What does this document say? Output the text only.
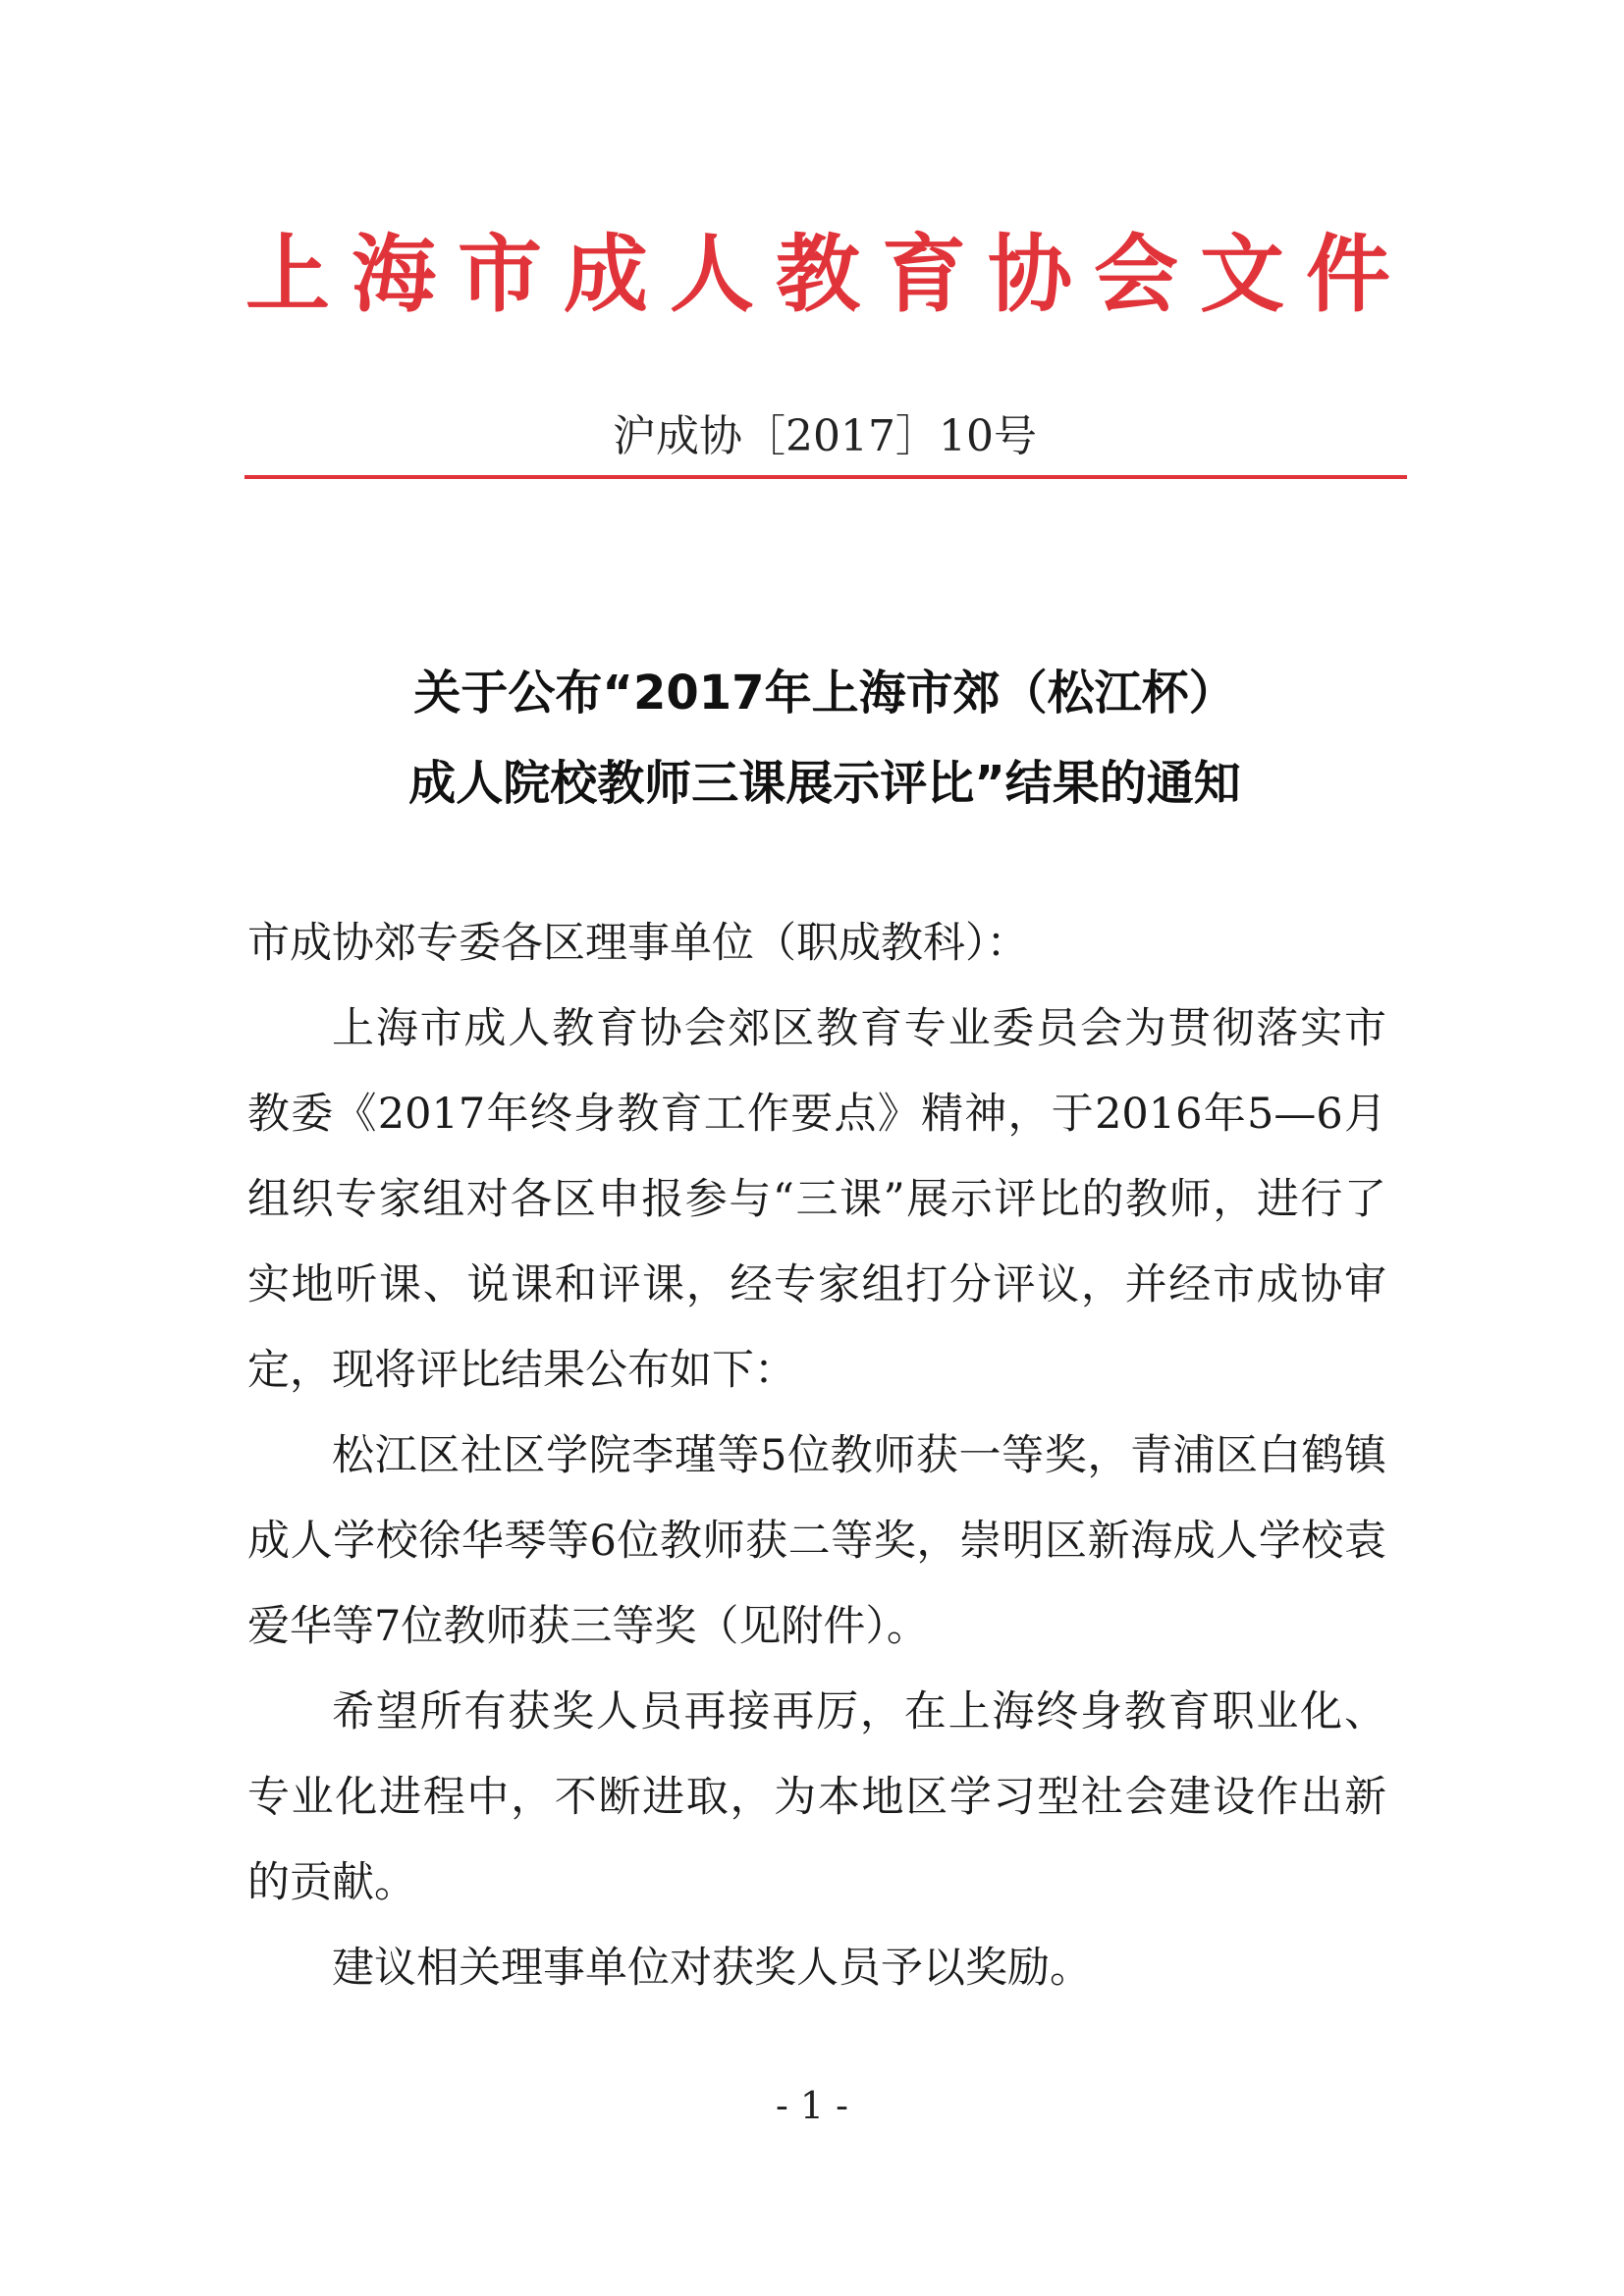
上海市成人教育协会文件
沪成协［2017］10号
关于公布“2017年上海市郊（松江杯）
成人院校教师三课展示评比”结果的通知

市成协郊专委各区理事单位（职成教科）：

上海市成人教育协会郊区教育专业委员会为贯彻落实市教委《2017年终身教育工作要点》精神，于2016年5—6月组织专家组对各区申报参与“三课”展示评比的教师，进行了实地听课、说课和评课，经专家组打分评议，并经市成协审定，现将评比结果公布如下：

松江区社区学院李瑾等5位教师获一等奖，青浦区白鹤镇成人学校徐华琴等6位教师获二等奖，崇明区新海成人学校袁爱华等7位教师获三等奖（见附件）。

希望所有获奖人员再接再厉，在上海终身教育职业化、专业化进程中，不断进取，为本地区学习型社会建设作出新的贡献。

建议相关理事单位对获奖人员予以奖励。

- 1 -
